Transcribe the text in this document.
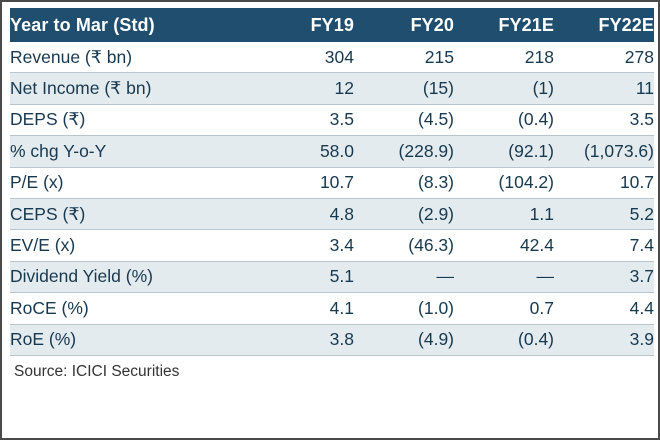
Year to Mar (Std)	FY19	FY20	FY21E	FY22E
Revenue (₹ bn)	304	215	218	278
Net Income (₹ bn)	12	(15)	(1)	11
DEPS (₹)	3.5	(4.5)	(0.4)	3.5
% chg Y-o-Y	58.0	(228.9)	(92.1)	(1,073.6)
P/E (x)	10.7	(8.3)	(104.2)	10.7
CEPS (₹)	4.8	(2.9)	1.1	5.2
EV/E (x)	3.4	(46.3)	42.4	7.4
Dividend Yield (%)	5.1	—	—	3.7
RoCE (%)	4.1	(1.0)	0.7	4.4
RoE (%)	3.8	(4.9)	(0.4)	3.9
Source: ICICI Securities
